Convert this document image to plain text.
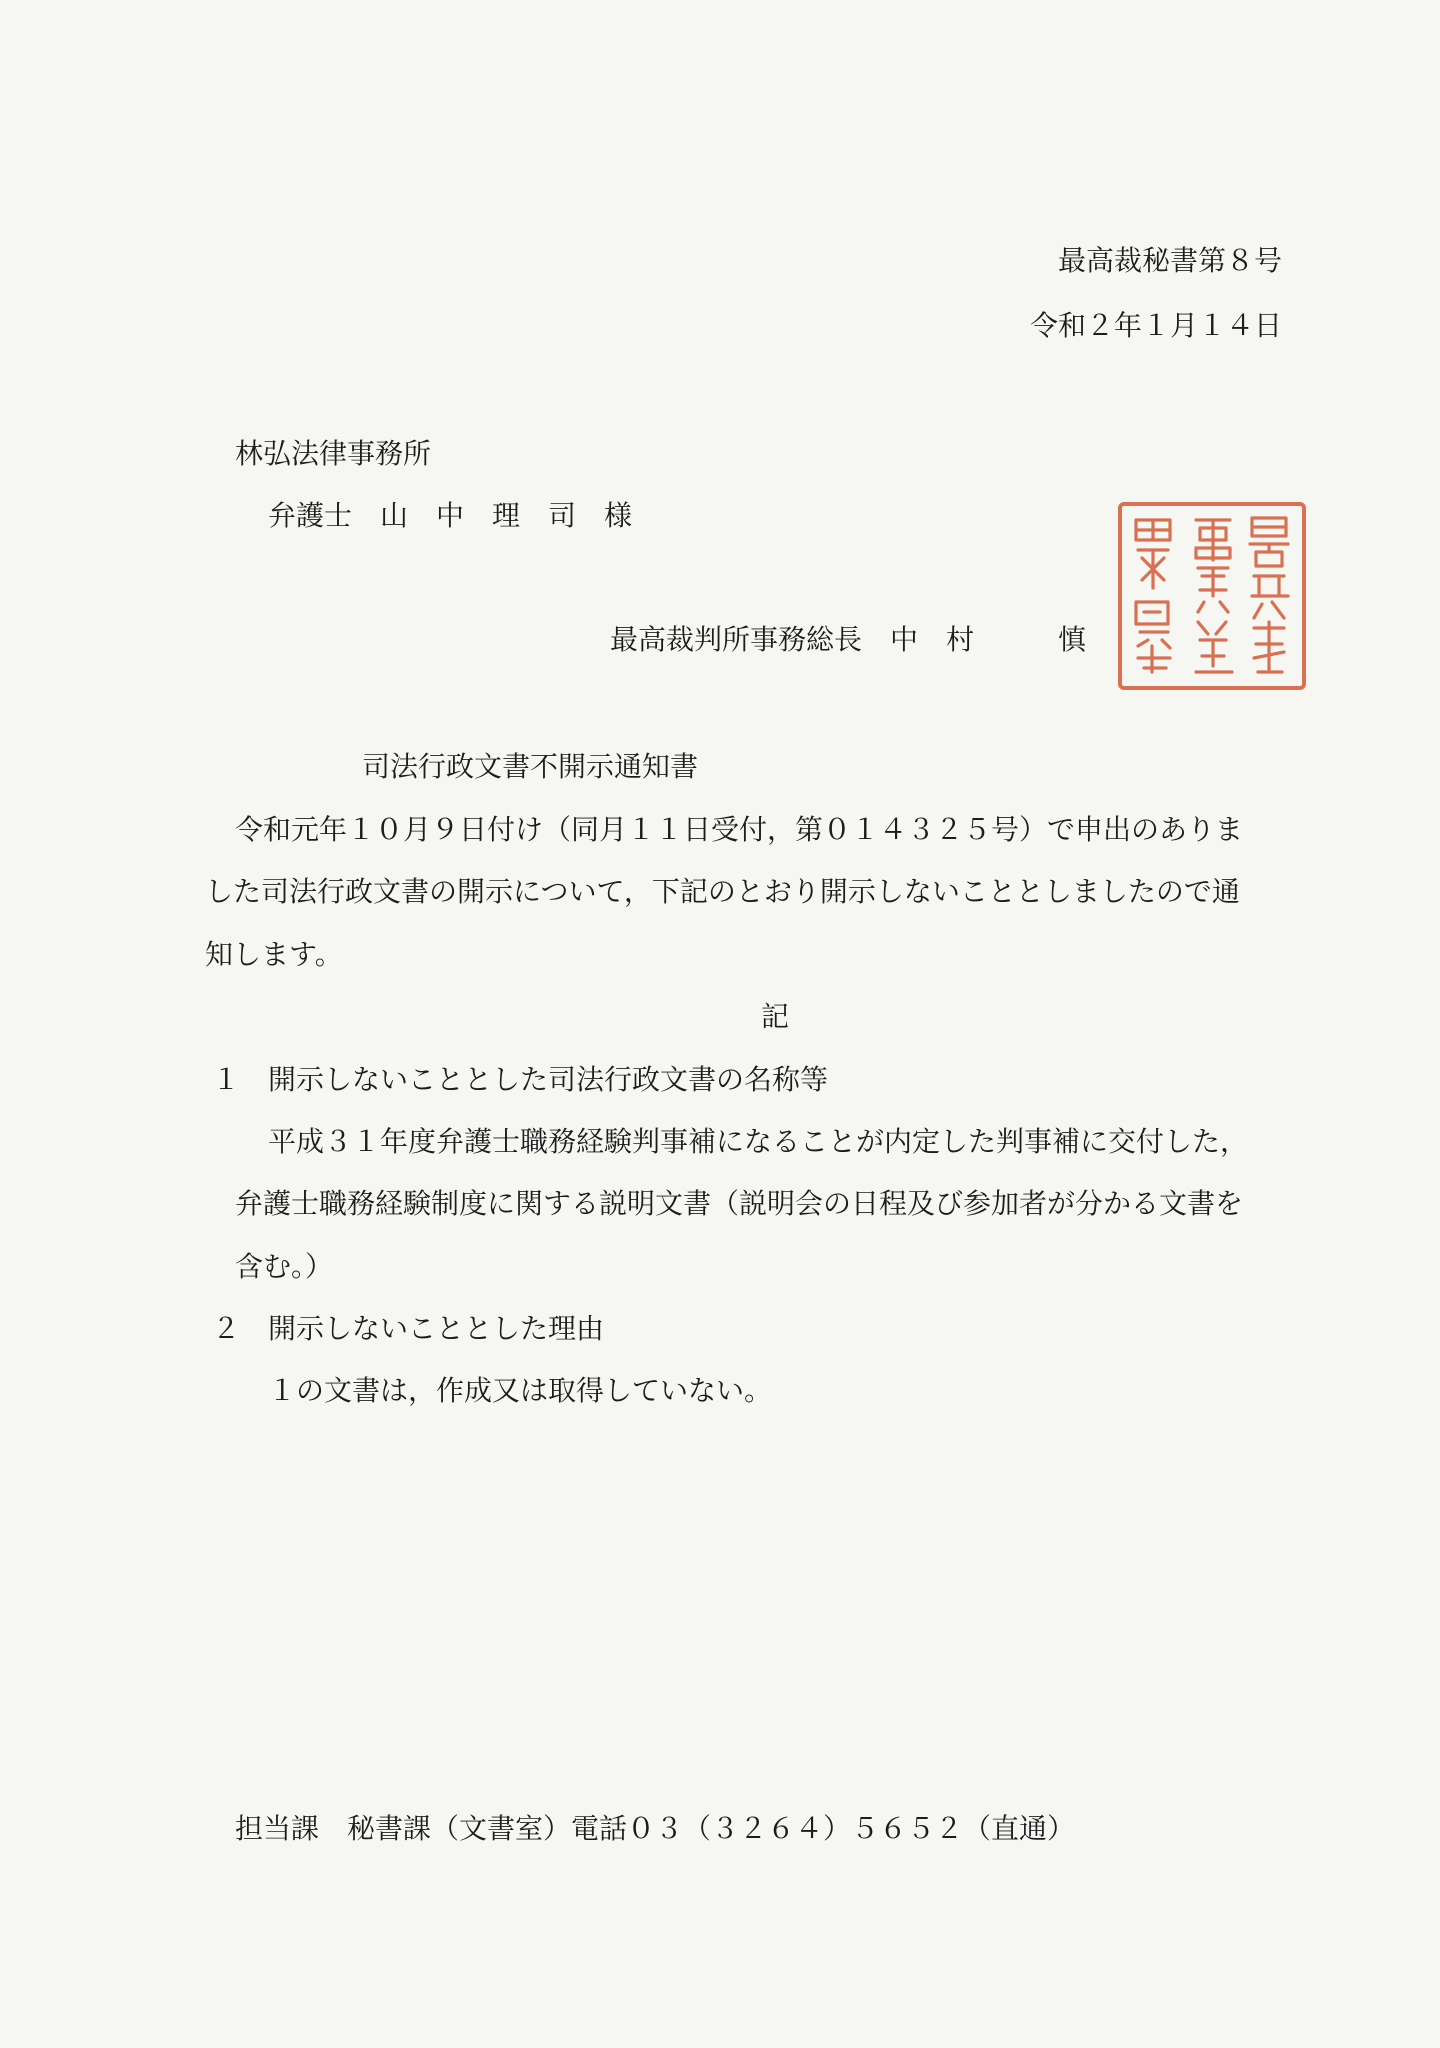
最高裁秘書第８号
令和２年１月１４日
林弘法律事務所
弁護士　山　中　理　司　様
最高裁判所事務総長　中　村　　　慎
司法行政文書不開示通知書
令和元年１０月９日付け（同月１１日受付，第０１４３２５号）で申出のありま
した司法行政文書の開示について，下記のとおり開示しないこととしましたので通
知します。
記
１　開示しないこととした司法行政文書の名称等
平成３１年度弁護士職務経験判事補になることが内定した判事補に交付した，
弁護士職務経験制度に関する説明文書（説明会の日程及び参加者が分かる文書を
含む。）
２　開示しないこととした理由
１の文書は，作成又は取得していない。
担当課　秘書課（文書室）電話０３（３２６４）５６５２（直通）
